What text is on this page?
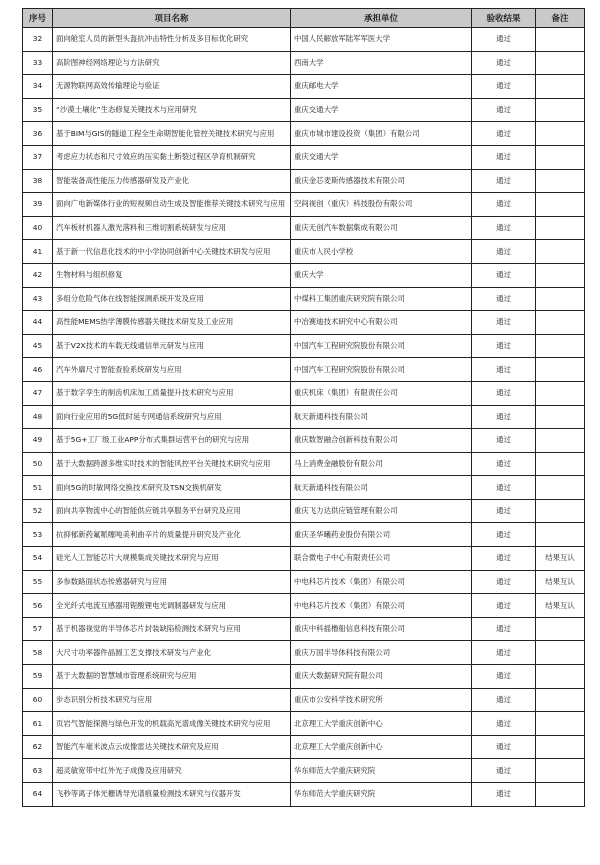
序号	项目名称	承担单位	验收结果	备注
32	面向舱室人员的新型头盔抗冲击特性分析及多目标优化研究	中国人民解放军陆军军医大学	通过	
33	高阶图神经网络理论与方法研究	西南大学	通过	
34	无源物联网高效传输理论与验证	重庆邮电大学	通过	
35	“沙漠土壤化”生态修复关键技术与应用研究	重庆交通大学	通过	
36	基于BIM与GIS的隧道工程全生命期智能化管控关键技术研究与应用	重庆市城市建设投资（集团）有限公司	通过	
37	考虑应力状态和尺寸效应的压实黏土断裂过程区孕育机制研究	重庆交通大学	通过	
38	智能装备高性能压力传感器研发及产业化	重庆金芯麦斯传感器技术有限公司	通过	
39	面向广电新媒体行业的短视频自动生成及智能推荐关键技术研究与应用	空间视创（重庆）科技股份有限公司	通过	
40	汽车板材机器人激光落料和三维切割系统研发与应用	重庆无创汽车数据集成有限公司	通过	
41	基于新一代信息化技术的中小学协同创新中心关键技术研发与应用	重庆市人民小学校	通过	
42	生物材料与组织修复	重庆大学	通过	
43	多组分危险气体在线智能探测系统开发及应用	中煤科工集团重庆研究院有限公司	通过	
44	高性能MEMS热学薄膜传感器关键技术研发及工业应用	中冶赛迪技术研究中心有限公司	通过	
45	基于V2X技术的车载无线通信单元研发与应用	中国汽车工程研究院股份有限公司	通过	
46	汽车外廓尺寸智能查验系统研发与应用	中国汽车工程研究院股份有限公司	通过	
47	基于数字孪生的制齿机床加工质量提升技术研究与应用	重庆机床（集团）有限责任公司	通过	
48	面向行业应用的5G低时延专网通信系统研究与应用	航天新通科技有限公司	通过	
49	基于5G+工厂级工业APP分布式集群运营平台的研究与应用	重庆数智融合创新科技有限公司	通过	
50	基于大数据跨源多维实时技术的智能风控平台关键技术研究与应用	马上消费金融股份有限公司	通过	
51	面向5G的时敏网络交换技术研究及TSN交换机研发	航天新通科技有限公司	通过	
52	面向共享物流中心的智能供应链共享服务平台研究及应用	重庆飞力达供应链管理有限公司	通过	
53	抗抑郁新药氟哌噻吨美利曲辛片的质量提升研究及产业化	重庆圣华曦药业股份有限公司	通过	
54	硅光人工智能芯片大规模集成关键技术研究与应用	联合微电子中心有限责任公司	通过	结果互认
55	多参数路面状态传感器研究与应用	中电科芯片技术（集团）有限公司	通过	结果互认
56	全光纤式电流互感器用铌酸锂电光调制器研发与应用	中电科芯片技术（集团）有限公司	通过	结果互认
57	基于机器视觉的半导体芯片封装缺陷检测技术研究与应用	重庆中科摇橹船信息科技有限公司	通过	
58	大尺寸功率器件晶圆工艺支撑技术研发与产业化	重庆万国半导体科技有限公司	通过	
59	基于大数据的智慧城市管理系统研究与应用	重庆大数据研究院有限公司	通过	
60	步态识别分析技术研究与应用	重庆市公安科学技术研究所	通过	
61	页岩气智能探测与绿色开发的机载高光谱成像关键技术研究与应用	北京理工大学重庆创新中心	通过	
62	智能汽车毫米波点云成像雷达关键技术研究及应用	北京理工大学重庆创新中心	通过	
63	超灵敏宽带中红外光子成像及应用研究	华东师范大学重庆研究院	通过	
64	飞秒等离子体光栅诱导光谱痕量检测技术研究与仪器开发	华东师范大学重庆研究院	通过	
